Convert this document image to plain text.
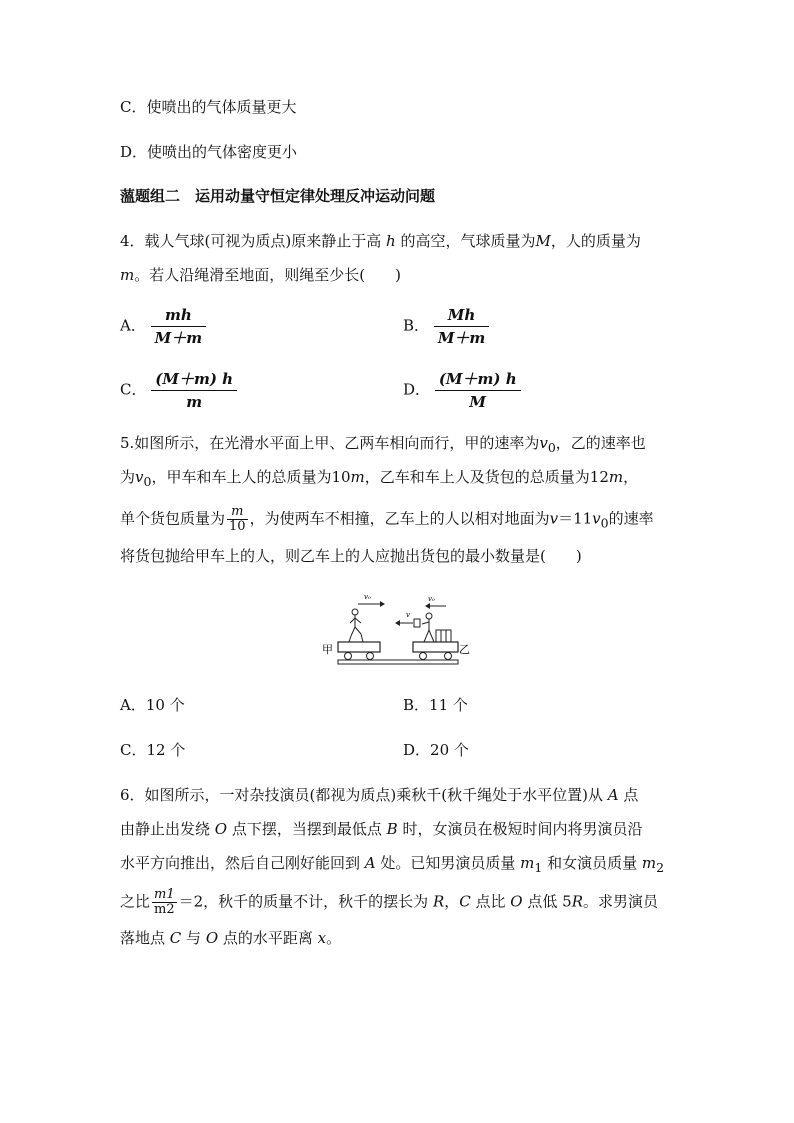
C．使喷出的气体质量更大
D．使喷出的气体密度更小
薀题组二　运用动量守恒定律处理反冲运动问题
4．载人气球(可视为质点)原来静止于高 h 的高空，气球质量为M，人的质量为
m。若人沿绳滑至地面，则绳至少长(　　)
A． $\frac{mh}{M+m}$	B． $\frac{Mh}{M+m}$
C． $\frac{(M+m) h}{m}$	D． $\frac{(M+m) h}{M}$
5.如图所示，在光滑水平面上甲、乙两车相向而行，甲的速率为$v_0$，乙的速率也
为$v_0$，甲车和车上人的总质量为10m，乙车和车上人及货包的总质量为12m，
单个货包质量为 $\frac{m}{10}$ ，为使两车不相撞，乙车上的人以相对地面为$v=11v_0$的速率
将货包抛给甲车上的人，则乙车上的人应抛出货包的最小数量是(　　)
v₀
v
v₀
甲	乙
A．10 个	B．11 个
C．12 个	D．20 个
6．如图所示，一对杂技演员(都视为质点)乘秋千(秋千绳处于水平位置)从 A 点
由静止出发绕 O 点下摆，当摆到最低点 B 时，女演员在极短时间内将男演员沿
水平方向推出，然后自己刚好能回到 A 处。已知男演员质量 $m_1$ 和女演员质量 $m_2$
之比 $\frac{m1}{m2} =2$，秋千的质量不计，秋千的摆长为 R，C 点比 O 点低 5R。求男演员
落地点 C 与 O 点的水平距离 x。
